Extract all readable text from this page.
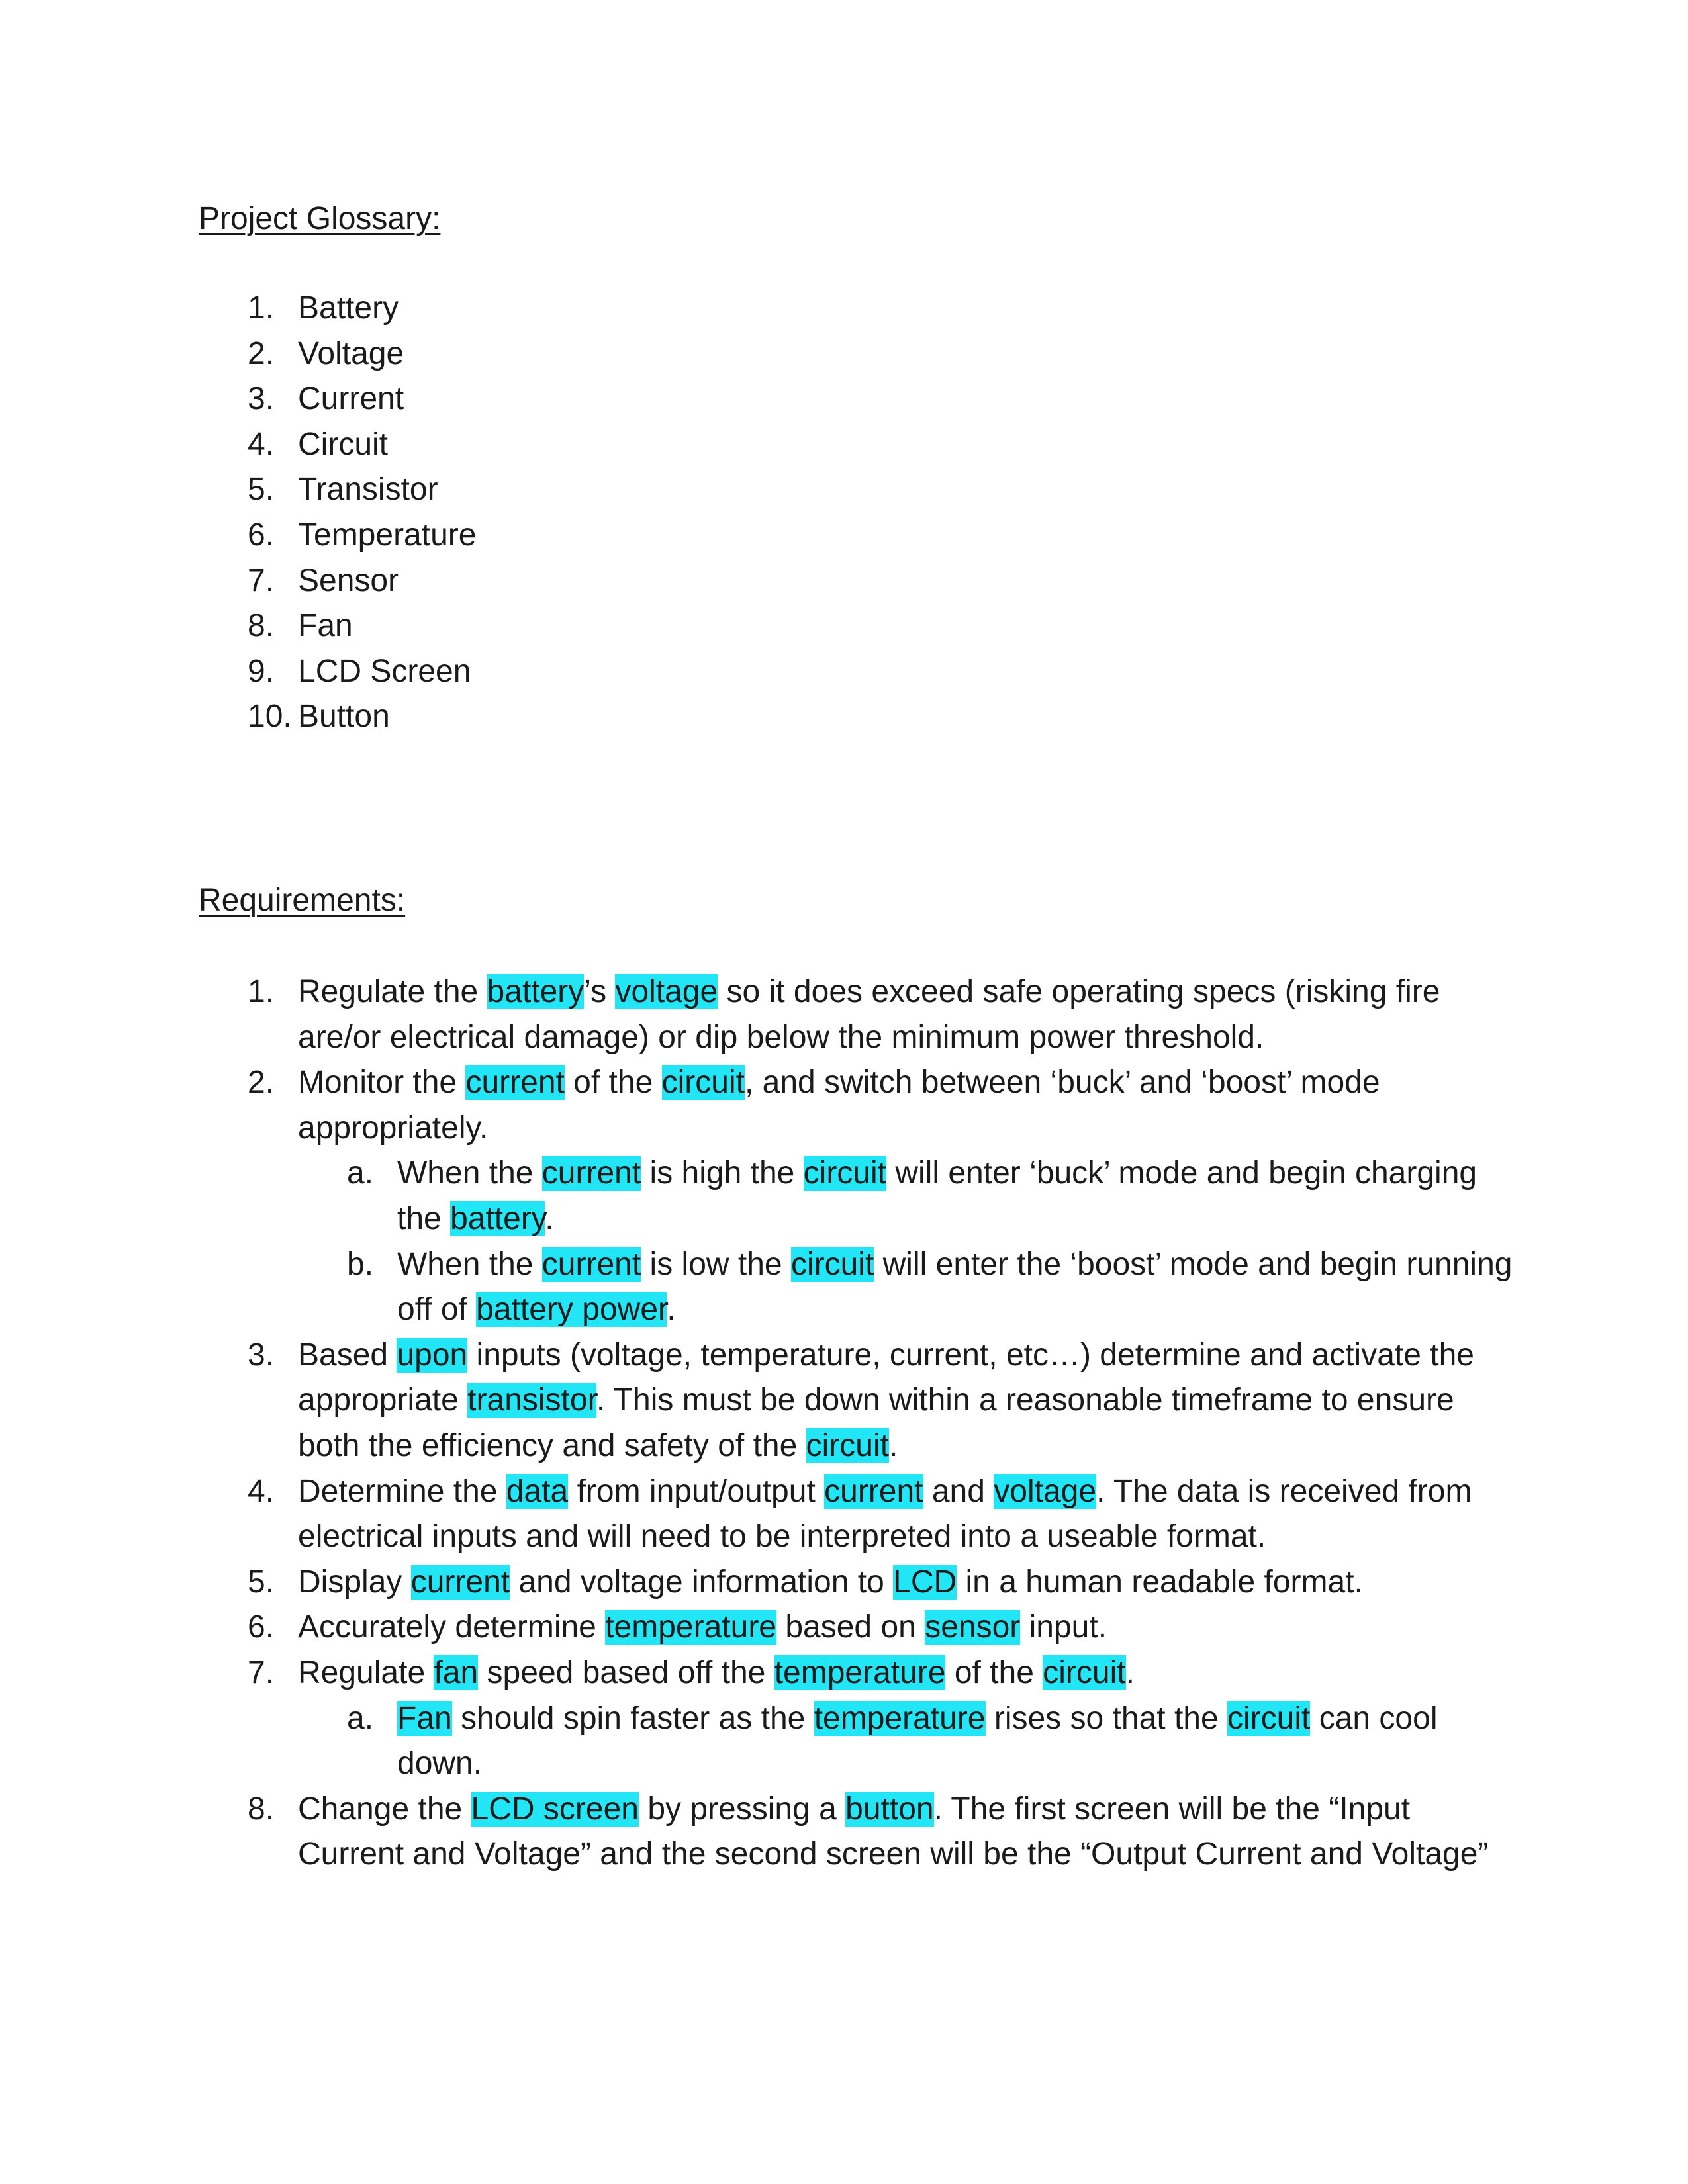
Project Glossary:
1. Battery
2. Voltage
3. Current
4. Circuit
5. Transistor
6. Temperature
7. Sensor
8. Fan
9. LCD Screen
10. Button
Requirements:
1. Regulate the battery’s voltage so it does exceed safe operating specs (risking fire are/or electrical damage) or dip below the minimum power threshold.
2. Monitor the current of the circuit, and switch between ‘buck’ and ‘boost’ mode appropriately.
a. When the current is high the circuit will enter ‘buck’ mode and begin charging the battery.
b. When the current is low the circuit will enter the ‘boost’ mode and begin running off of battery power.
3. Based upon inputs (voltage, temperature, current, etc…) determine and activate the appropriate transistor. This must be down within a reasonable timeframe to ensure both the efficiency and safety of the circuit.
4. Determine the data from input/output current and voltage. The data is received from electrical inputs and will need to be interpreted into a useable format.
5. Display current and voltage information to LCD in a human readable format.
6. Accurately determine temperature based on sensor input.
7. Regulate fan speed based off the temperature of the circuit.
a. Fan should spin faster as the temperature rises so that the circuit can cool down.
8. Change the LCD screen by pressing a button. The first screen will be the “Input Current and Voltage” and the second screen will be the “Output Current and Voltage”
